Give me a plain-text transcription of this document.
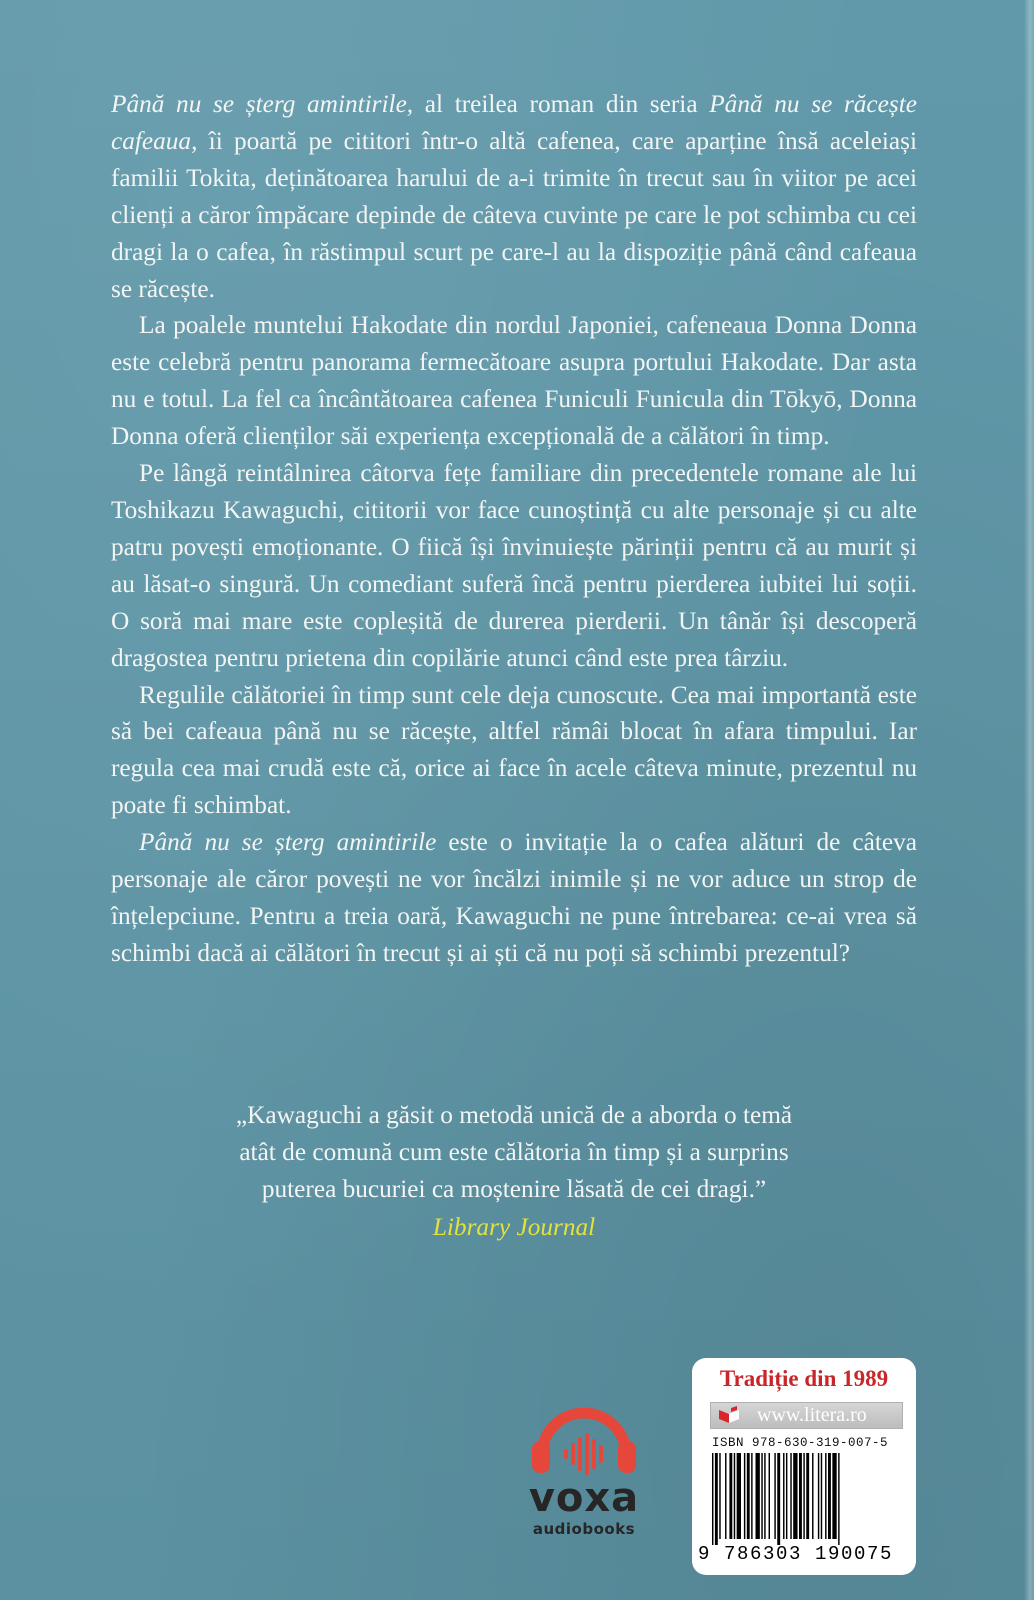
Până nu se șterg amintirile, al treilea roman din seria Până nu se răcește cafeaua, îi poartă pe cititori într-o altă cafenea, care aparține însă aceleiași familii Tokita, deținătoarea harului de a-i trimite în trecut sau în viitor pe acei clienți a căror împăcare depinde de câteva cuvinte pe care le pot schimba cu cei dragi la o cafea, în răstimpul scurt pe care-l au la dispoziție până când cafeaua se răcește.

La poalele muntelui Hakodate din nordul Japoniei, cafeneaua Donna Donna este celebră pentru panorama fermecătoare asupra portului Hakodate. Dar asta nu e totul. La fel ca încântătoarea cafenea Funiculi Funicula din Tōkyō, Donna Donna oferă clienților săi experiența excepțională de a călători în timp.

Pe lângă reintâlnirea câtorva fețe familiare din precedentele romane ale lui Toshikazu Kawaguchi, cititorii vor face cunoștință cu alte personaje și cu alte patru povești emoționante. O fiică își învinuiește părinții pentru că au murit și au lăsat-o singură. Un comediant suferă încă pentru pierderea iubitei lui soții. O soră mai mare este copleșită de durerea pierderii. Un tânăr își descoperă dragostea pentru prietena din copilărie atunci când este prea târziu.

Regulile călătoriei în timp sunt cele deja cunoscute. Cea mai importantă este să bei cafeaua până nu se răcește, altfel rămâi blocat în afara timpului. Iar regula cea mai crudă este că, orice ai face în acele câteva minute, prezentul nu poate fi schimbat.

Până nu se șterg amintirile este o invitație la o cafea alături de câteva personaje ale căror povești ne vor încălzi inimile și ne vor aduce un strop de înțelepciune. Pentru a treia oară, Kawaguchi ne pune întrebarea: ce-ai vrea să schimbi dacă ai călători în trecut și ai ști că nu poți să schimbi prezentul?

„Kawaguchi a găsit o metodă unică de a aborda o temă
atât de comună cum este călătoria în timp și a surprins
puterea bucuriei ca moștenire lăsată de cei dragi.”
Library Journal
voxa
audiobooks
Tradiție din 1989
www.litera.ro
ISBN 978-630-319-007-5
9 786303 190075
